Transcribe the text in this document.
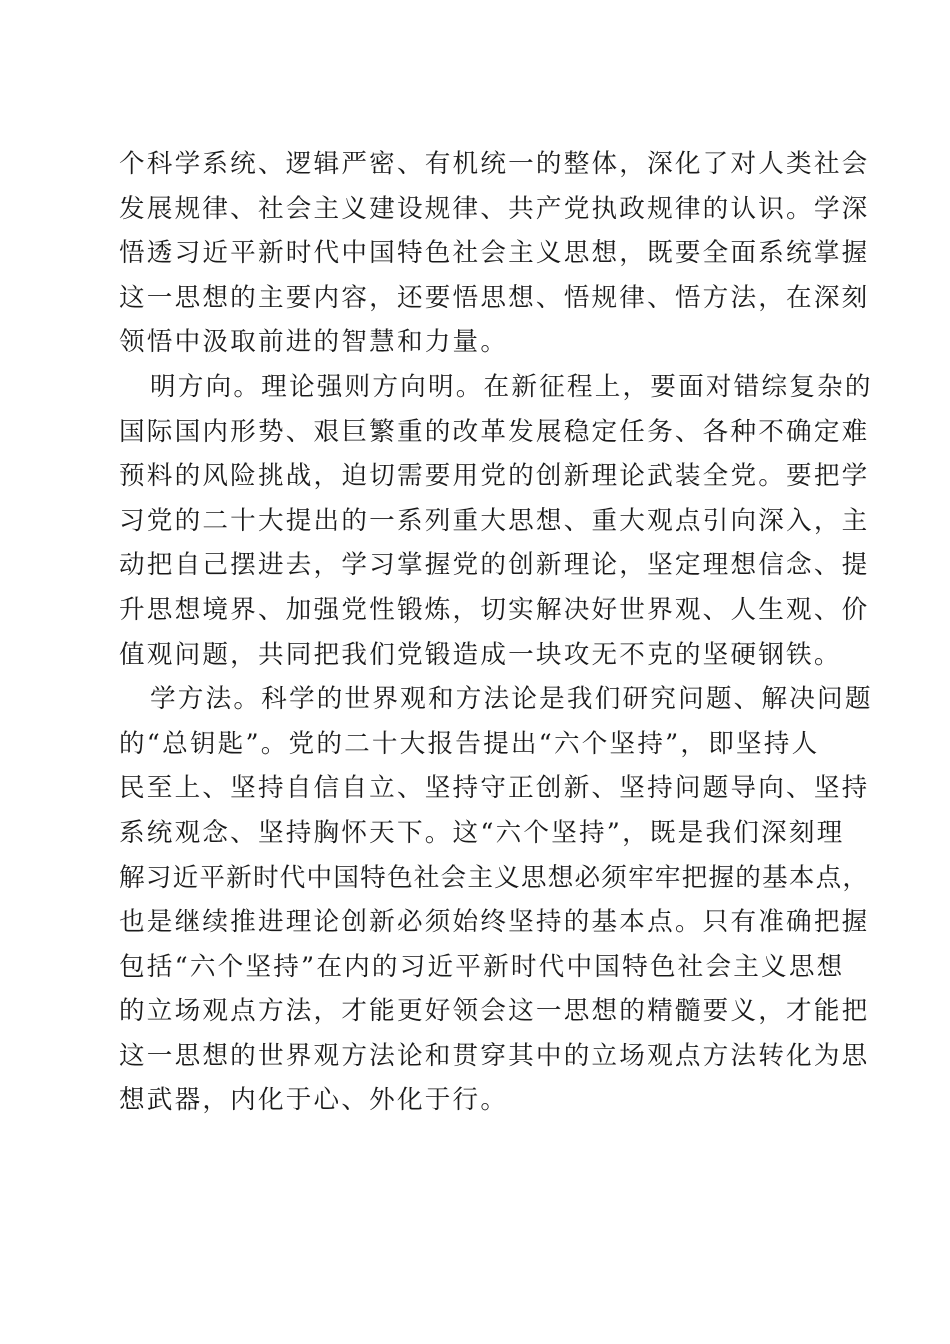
个科学系统、逻辑严密、有机统一的整体，深化了对人类社会
发展规律、社会主义建设规律、共产党执政规律的认识。学深
悟透习近平新时代中国特色社会主义思想，既要全面系统掌握
这一思想的主要内容，还要悟思想、悟规律、悟方法，在深刻
领悟中汲取前进的智慧和力量。
明方向。理论强则方向明。在新征程上，要面对错综复杂的
国际国内形势、艰巨繁重的改革发展稳定任务、各种不确定难
预料的风险挑战，迫切需要用党的创新理论武装全党。要把学
习党的二十大提出的一系列重大思想、重大观点引向深入，主
动把自己摆进去，学习掌握党的创新理论，坚定理想信念、提
升思想境界、加强党性锻炼，切实解决好世界观、人生观、价
值观问题，共同把我们党锻造成一块攻无不克的坚硬钢铁。
学方法。科学的世界观和方法论是我们研究问题、解决问题
的“总钥匙”。党的二十大报告提出“六个坚持”，即坚持人
民至上、坚持自信自立、坚持守正创新、坚持问题导向、坚持
系统观念、坚持胸怀天下。这“六个坚持”，既是我们深刻理
解习近平新时代中国特色社会主义思想必须牢牢把握的基本点，
也是继续推进理论创新必须始终坚持的基本点。只有准确把握
包括“六个坚持”在内的习近平新时代中国特色社会主义思想
的立场观点方法，才能更好领会这一思想的精髓要义，才能把
这一思想的世界观方法论和贯穿其中的立场观点方法转化为思
想武器，内化于心、外化于行。
